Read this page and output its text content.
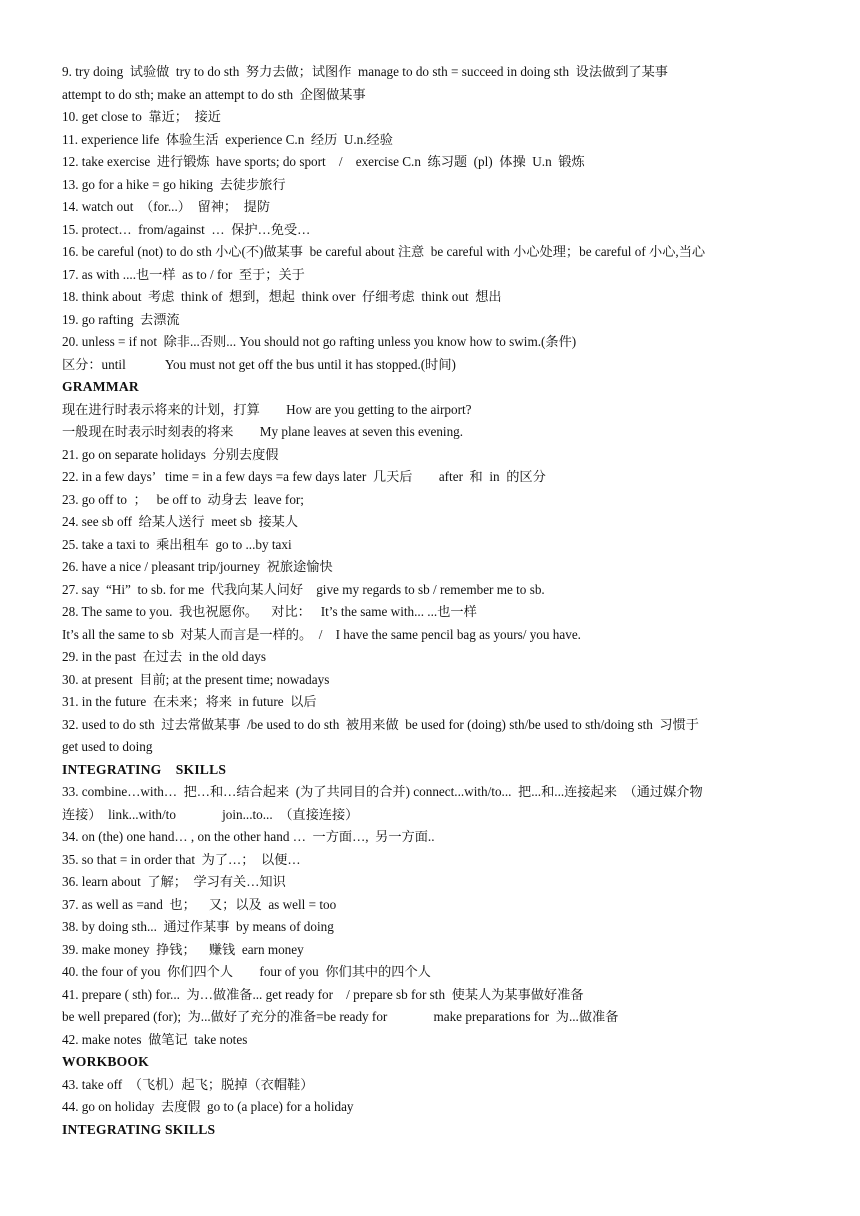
9. try doing  试验做  try to do sth  努力去做；试图作  manage to do sth = succeed in doing sth  设法做到了某事
attempt to do sth; make an attempt to do sth  企图做某事
10. get close to  靠近；  接近
11. experience life  体验生活  experience C.n  经历  U.n.经验
12. take exercise  进行锻炼  have sports; do sport    /    exercise C.n  练习题  (pl)  体操  U.n  锻炼
13. go for a hike = go hiking  去徒步旅行
14. watch out  （for...）  留神；  提防
15. protect…  from/against  …  保护…免受…
16. be careful (not) to do sth 小心(不)做某事  be careful about 注意  be careful with 小心处理；be careful of 小心,当心
17. as with ....也一样  as to / for  至于；关于
18. think about  考虑  think of  想到，想起  think over  仔细考虑  think out  想出
19. go rafting  去漂流
20. unless = if not  除非...否则... You should not go rafting unless you know how to swim.(条件)
区分：until            You must not get off the bus until it has stopped.(时间)
GRAMMAR
现在进行时表示将来的计划，打算        How are you getting to the airport?
一般现在时表示时刻表的将来        My plane leaves at seven this evening.
21. go on separate holidays  分别去度假
22. in a few days’   time = in a few days =a few days later  几天后        after  和  in  的区分
23. go off to  ；   be off to  动身去  leave for;
24. see sb off  给某人送行  meet sb  接某人
25. take a taxi to  乘出租车  go to ...by taxi
26. have a nice / pleasant trip/journey  祝旅途愉快
27. say  “Hi”  to sb. for me  代我向某人问好    give my regards to sb / remember me to sb.
28. The same to you.  我也祝愿你。    对比：   It’s the same with... ...也一样
It’s all the same to sb  对某人而言是一样的。  /    I have the same pencil bag as yours/ you have.
29. in the past  在过去  in the old days
30. at present  目前; at the present time; nowadays
31. in the future  在未来；将来  in future  以后
32. used to do sth  过去常做某事  /be used to do sth  被用来做  be used for (doing) sth/be used to sth/doing sth  习惯于
get used to doing
INTEGRATING    SKILLS
33. combine…with…  把…和…结合起来  (为了共同目的合并) connect...with/to...  把...和...连接起来  （通过媒介物
连接）  link...with/to              join...to...  （直接连接）
34. on (the) one hand… , on the other hand …  一方面…,  另一方面..
35. so that = in order that  为了…；  以便…
36. learn about  了解；  学习有关…知识
37. as well as =and  也；    又；以及  as well = too
38. by doing sth...  通过作某事  by means of doing
39. make money  挣钱；    赚钱  earn money
40. the four of you  你们四个人        four of you  你们其中的四个人
41. prepare ( sth) for...  为…做准备... get ready for    / prepare sb for sth  使某人为某事做好准备
be well prepared (for);  为...做好了充分的准备=be ready for              make preparations for  为...做准备
42. make notes  做笔记  take notes
WORKBOOK
43. take off  （飞机）起飞；脱掉（衣帽鞋）
44. go on holiday  去度假  go to (a place) for a holiday
INTEGRATING SKILLS
